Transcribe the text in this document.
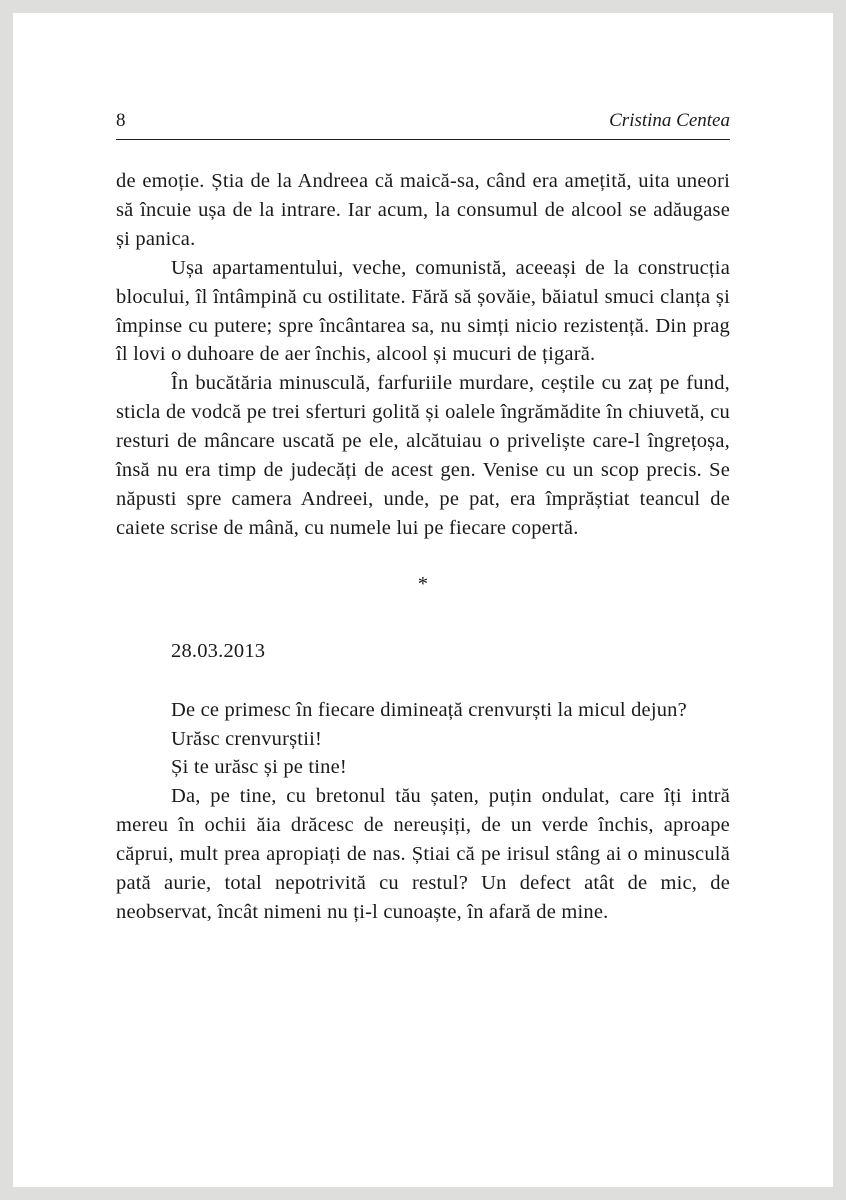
8	Cristina Centea

de emoție. Știa de la Andreea că maică-sa, când era amețită, uita uneori să încuie ușa de la intrare. Iar acum, la consumul de alcool se adăugase și panica.

Ușa apartamentului, veche, comunistă, aceeași de la construcția blocului, îl întâmpină cu ostilitate. Fără să șovăie, băiatul smuci clanța și împinse cu putere; spre încântarea sa, nu simți nicio rezistență. Din prag îl lovi o duhoare de aer închis, alcool și mucuri de țigară.

În bucătăria minusculă, farfuriile murdare, ceștile cu zaț pe fund, sticla de vodcă pe trei sferturi golită și oalele îngrămădite în chiuvetă, cu resturi de mâncare uscată pe ele, alcătuiau o priveliște care-l îngrețoșa, însă nu era timp de judecăți de acest gen. Venise cu un scop precis. Se năpusti spre camera Andreei, unde, pe pat, era împrăștiat teancul de caiete scrise de mână, cu numele lui pe fiecare copertă.

*

28.03.2013

De ce primesc în fiecare dimineață crenvurști la micul dejun?

Urăsc crenvurștii!

Și te urăsc și pe tine!

Da, pe tine, cu bretonul tău șaten, puțin ondulat, care îți intră mereu în ochii ăia drăcesc de nereușiți, de un verde închis, aproape căprui, mult prea apropiați de nas. Știai că pe irisul stâng ai o minusculă pată aurie, total nepotrivită cu restul? Un defect atât de mic, de neobservat, încât nimeni nu ți-l cunoaște, în afară de mine.
